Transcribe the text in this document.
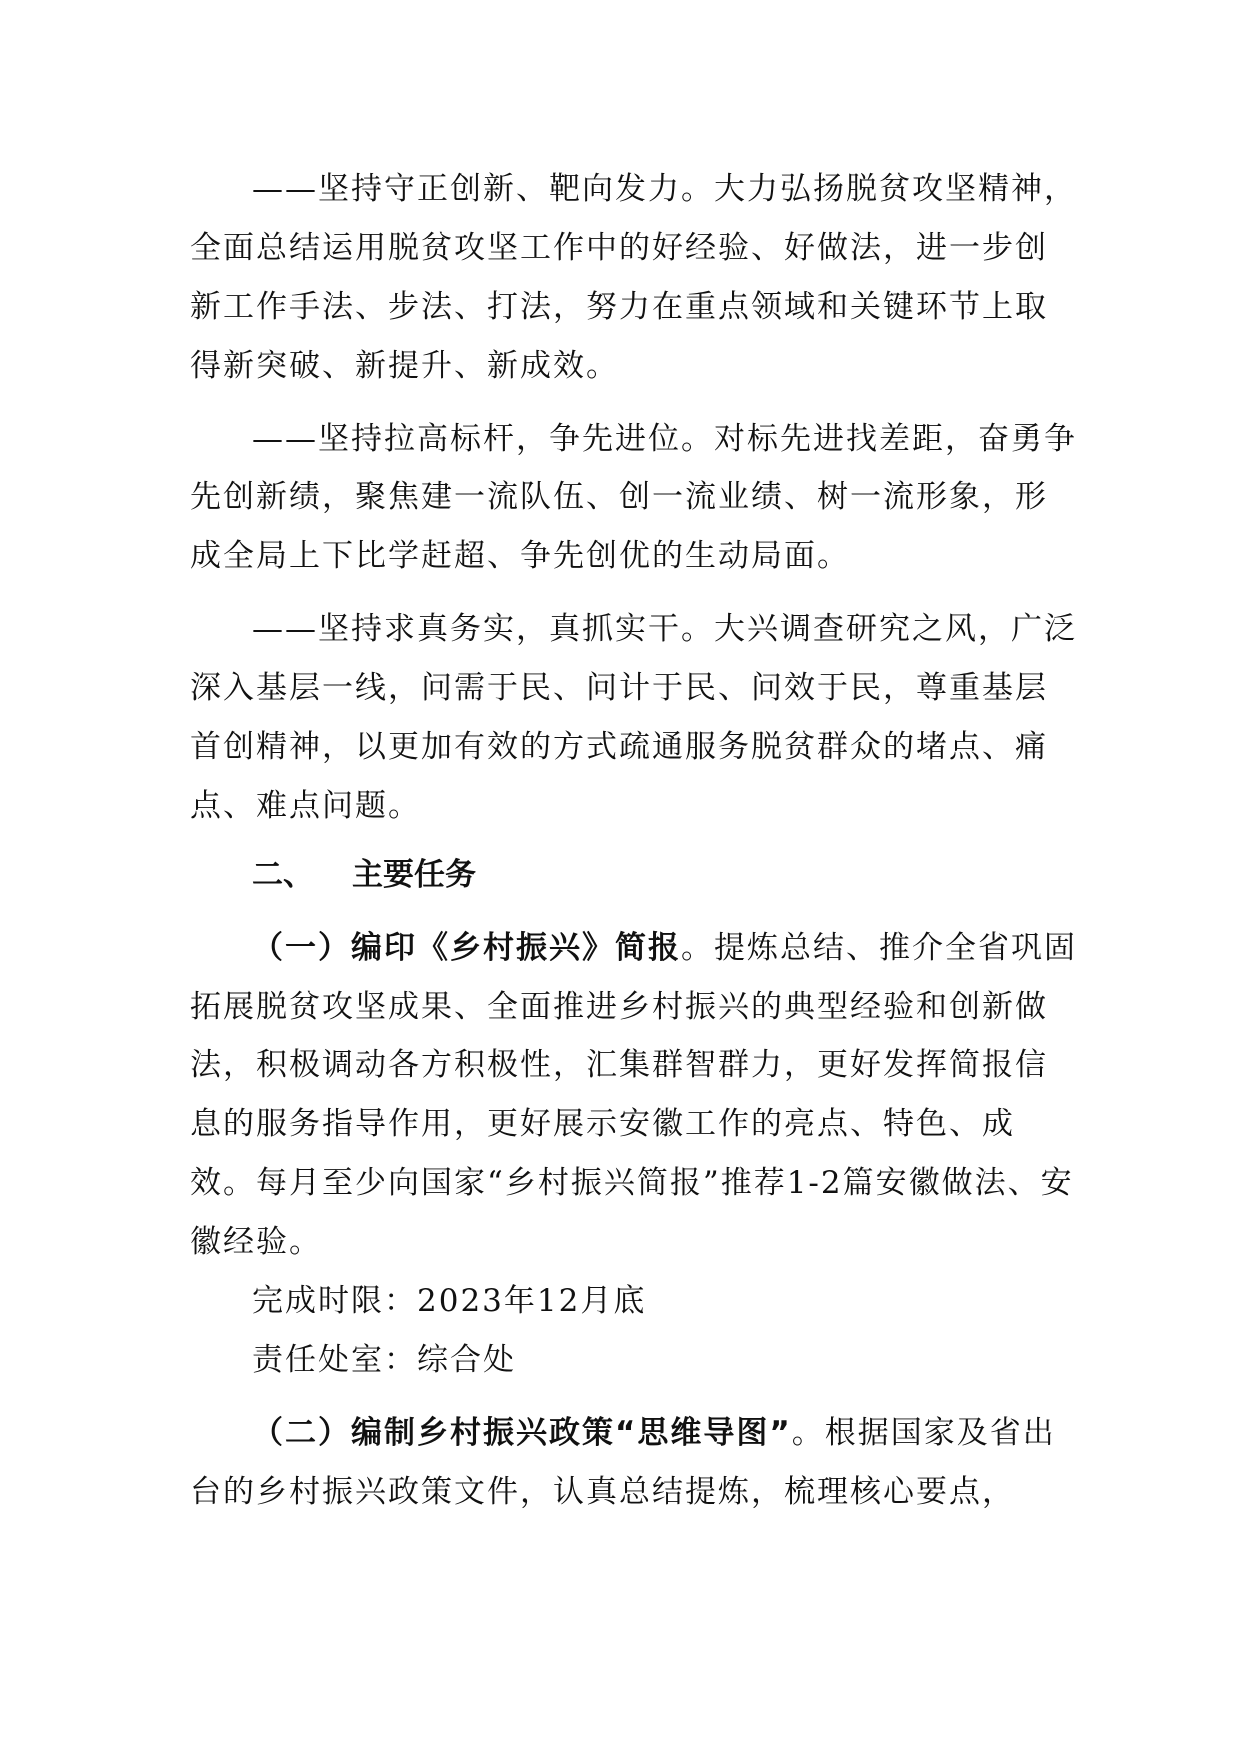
——坚持守正创新、靶向发力。大力弘扬脱贫攻坚精神，全面总结运用脱贫攻坚工作中的好经验、好做法，进一步创新工作手法、步法、打法，努力在重点领域和关键环节上取得新突破、新提升、新成效。

——坚持拉高标杆，争先进位。对标先进找差距，奋勇争先创新绩，聚焦建一流队伍、创一流业绩、树一流形象，形成全局上下比学赶超、争先创优的生动局面。

——坚持求真务实，真抓实干。大兴调查研究之风，广泛深入基层一线，问需于民、问计于民、问效于民，尊重基层首创精神，以更加有效的方式疏通服务脱贫群众的堵点、痛点、难点问题。

二、 主要任务

（一）编印《乡村振兴》简报。提炼总结、推介全省巩固拓展脱贫攻坚成果、全面推进乡村振兴的典型经验和创新做法，积极调动各方积极性，汇集群智群力，更好发挥简报信息的服务指导作用，更好展示安徽工作的亮点、特色、成效。每月至少向国家“乡村振兴简报”推荐1-2篇安徽做法、安徽经验。

完成时限：2023年12月底

责任处室：综合处

（二）编制乡村振兴政策“思维导图”。根据国家及省出台的乡村振兴政策文件，认真总结提炼，梳理核心要点，
